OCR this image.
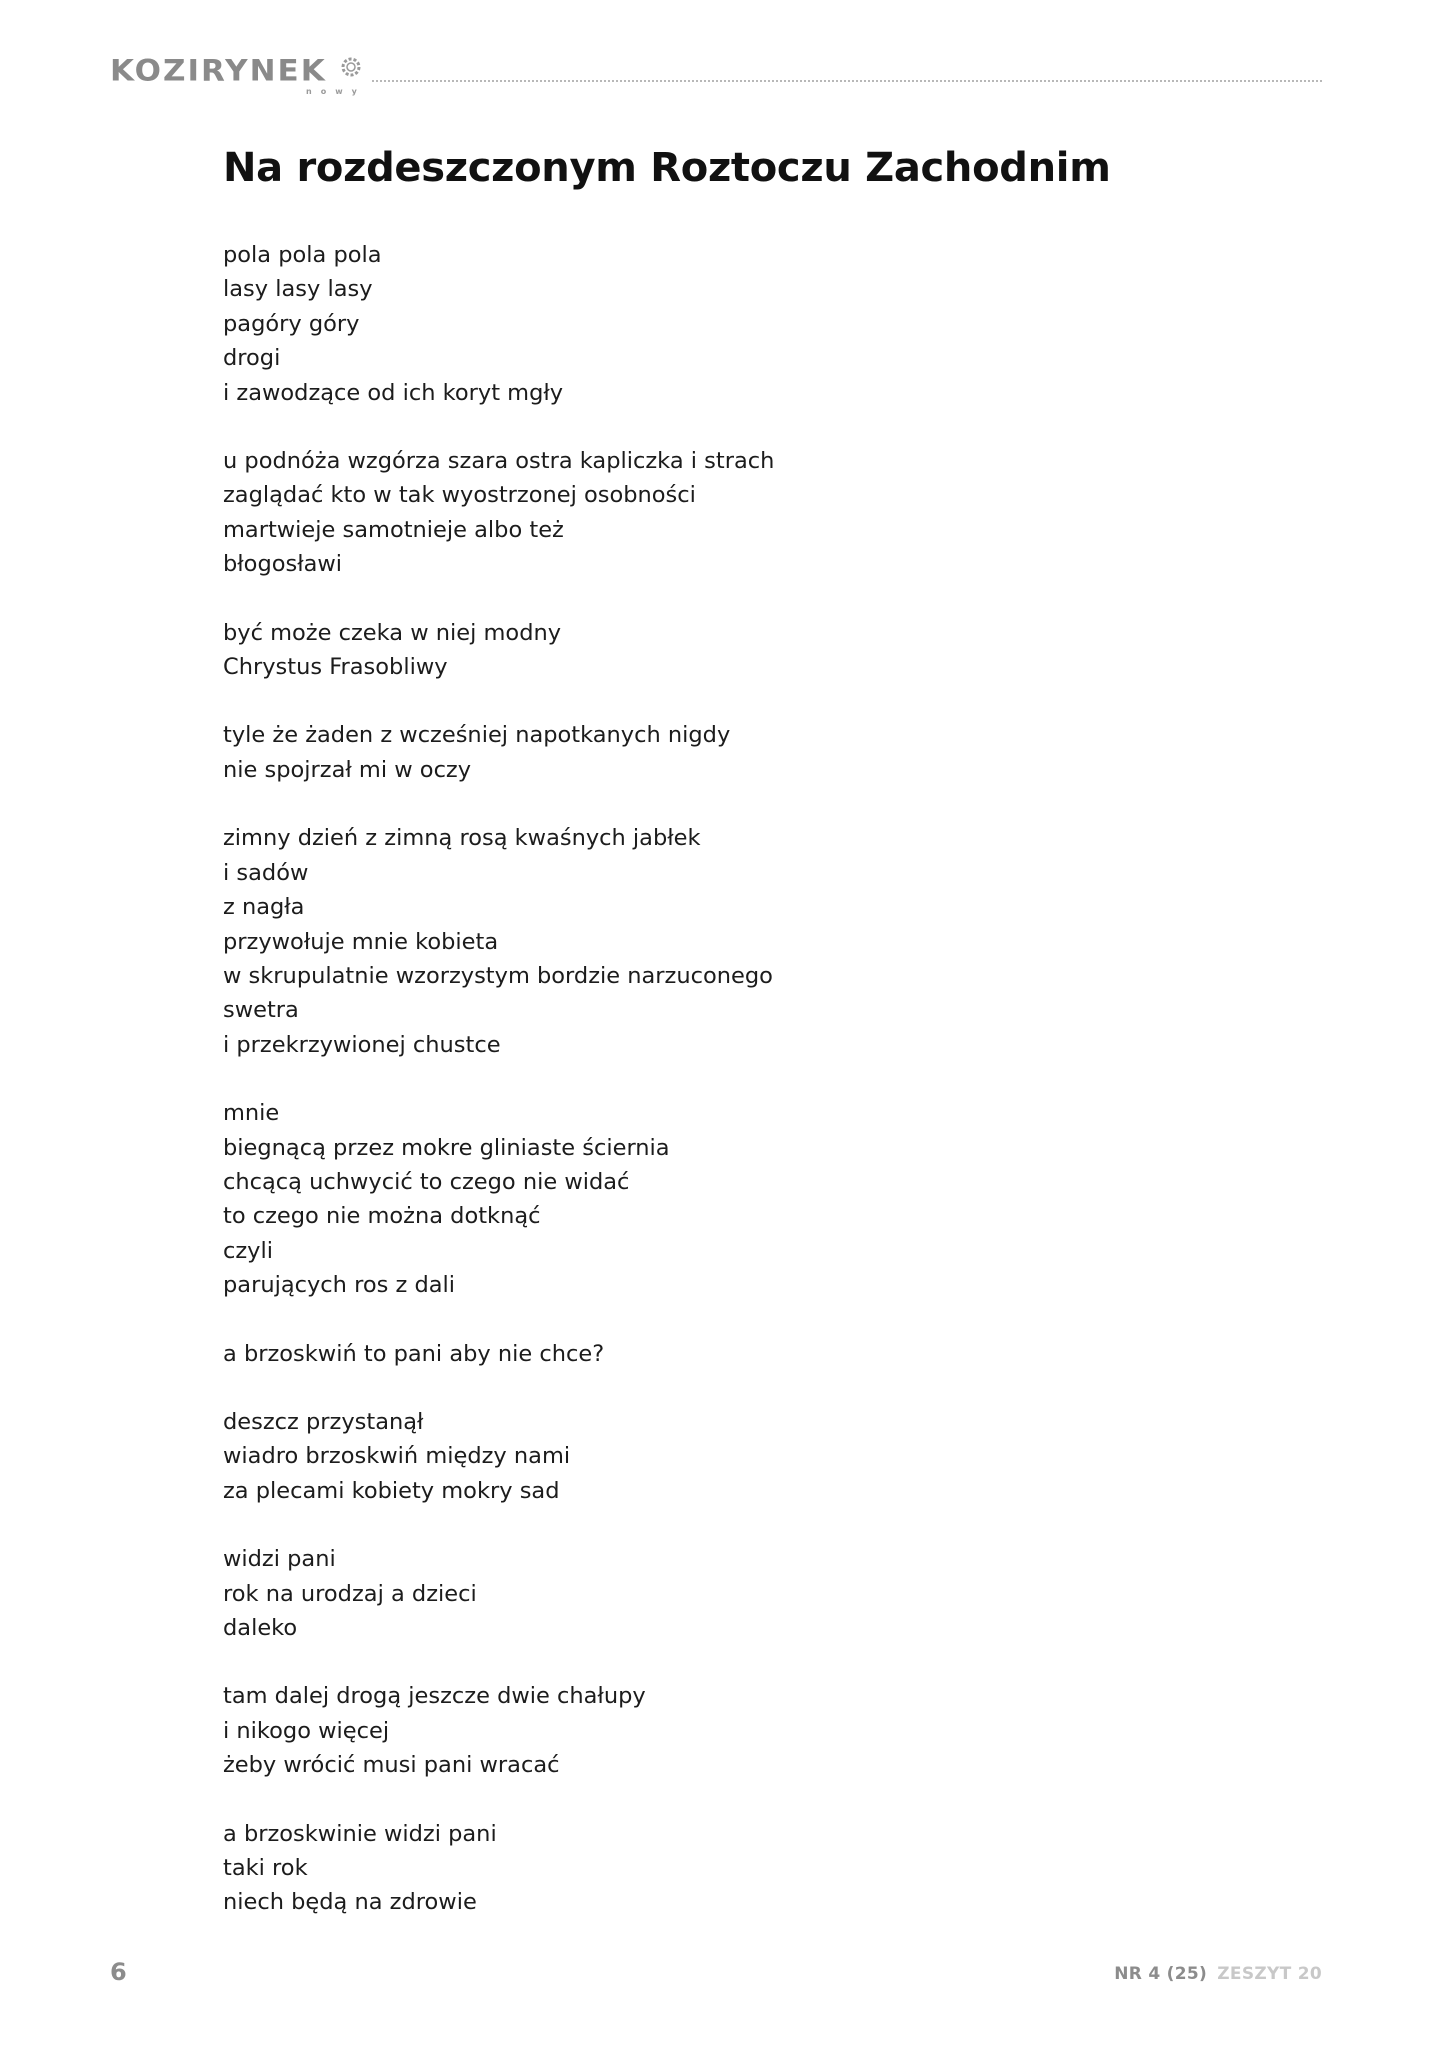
KOZIRYNEK
nowy
Na rozdeszczonym Roztoczu Zachodnim
pola pola pola
lasy lasy lasy
pagóry góry
drogi
i zawodzące od ich koryt mgły
u podnóża wzgórza szara ostra kapliczka i strach
zaglądać kto w tak wyostrzonej osobności
martwieje samotnieje albo też
błogosławi
być może czeka w niej modny
Chrystus Frasobliwy
tyle że żaden z wcześniej napotkanych nigdy
nie spojrzał mi w oczy
zimny dzień z zimną rosą kwaśnych jabłek
i sadów
z nagła
przywołuje mnie kobieta
w skrupulatnie wzorzystym bordzie narzuconego
swetra
i przekrzywionej chustce
mnie
biegnącą przez mokre gliniaste ściernia
chcącą uchwycić to czego nie widać
to czego nie można dotknąć
czyli
parujących ros z dali
a brzoskwiń to pani aby nie chce?
deszcz przystanął
wiadro brzoskwiń między nami
za plecami kobiety mokry sad
widzi pani
rok na urodzaj a dzieci
daleko
tam dalej drogą jeszcze dwie chałupy
i nikogo więcej
żeby wrócić musi pani wracać
a brzoskwinie widzi pani
taki rok
niech będą na zdrowie
6	NR 4 (25) ZESZYT 20
